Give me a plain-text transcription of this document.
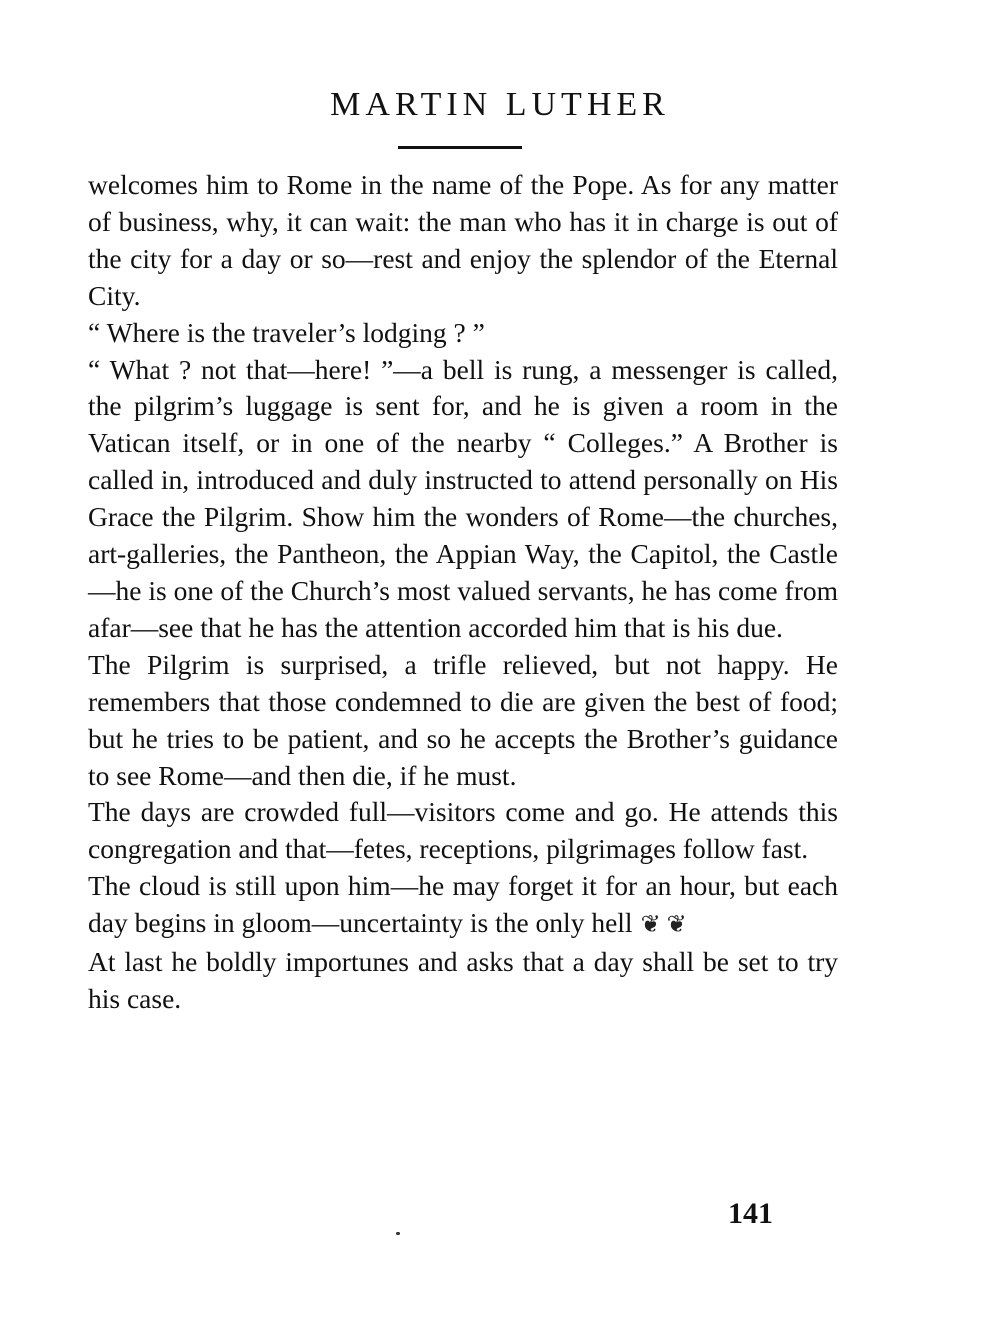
MARTIN LUTHER

welcomes him to Rome in the name of the Pope. As for any matter of business, why, it can wait: the man who has it in charge is out of the city for a day or so—rest and enjoy the splendor of the Eternal City.

“ Where is the traveler’s lodging ? ”

“ What ? not that—here! ”—a bell is rung, a messenger is called, the pilgrim’s luggage is sent for, and he is given a room in the Vatican itself, or in one of the nearby “ Colleges.” A Brother is called in, introduced and duly instructed to attend personally on His Grace the Pilgrim. Show him the wonders of Rome—the churches, art-galleries, the Pantheon, the Appian Way, the Capitol, the Castle—he is one of the Church’s most valued servants, he has come from afar—see that he has the attention accorded him that is his due.

The Pilgrim is surprised, a trifle relieved, but not happy. He remembers that those condemned to die are given the best of food; but he tries to be patient, and so he accepts the Brother’s guidance to see Rome—and then die, if he must.

The days are crowded full—visitors come and go. He attends this congregation and that—fetes, receptions, pilgrimages follow fast.

The cloud is still upon him—he may forget it for an hour, but each day begins in gloom—uncertainty is the only hell ❦ ❦

At last he boldly importunes and asks that a day shall be set to try his case.

141
